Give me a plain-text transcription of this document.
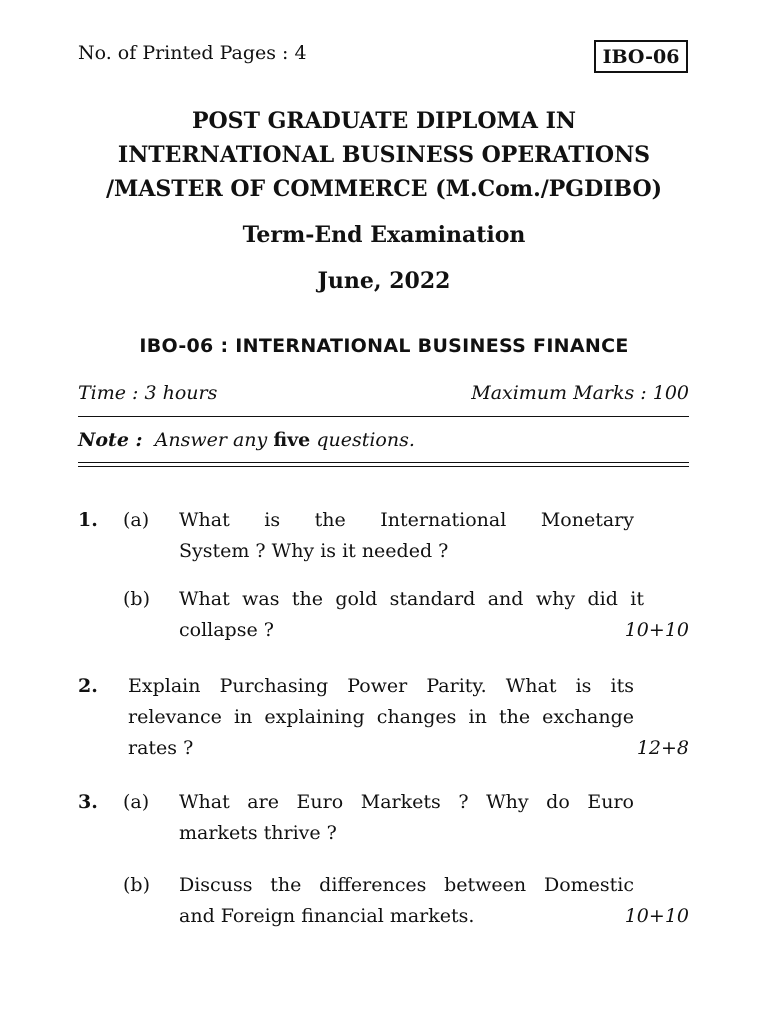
No. of Printed Pages : 4	IBO-06
POST GRADUATE DIPLOMA IN
INTERNATIONAL BUSINESS OPERATIONS
/MASTER OF COMMERCE (M.Com./PGDIBO)
Term-End Examination
June, 2022
IBO-06 : INTERNATIONAL BUSINESS FINANCE
Time : 3 hours	Maximum Marks : 100
Note : Answer any five questions.
1. (a) What is the International Monetary
System ? Why is it needed ?
(b) What was the gold standard and why did it
collapse ?	10+10
2. Explain Purchasing Power Parity. What is its
relevance in explaining changes in the exchange
rates ?	12+8
3. (a) What are Euro Markets ? Why do Euro
markets thrive ?
(b) Discuss the differences between Domestic
and Foreign financial markets.	10+10
